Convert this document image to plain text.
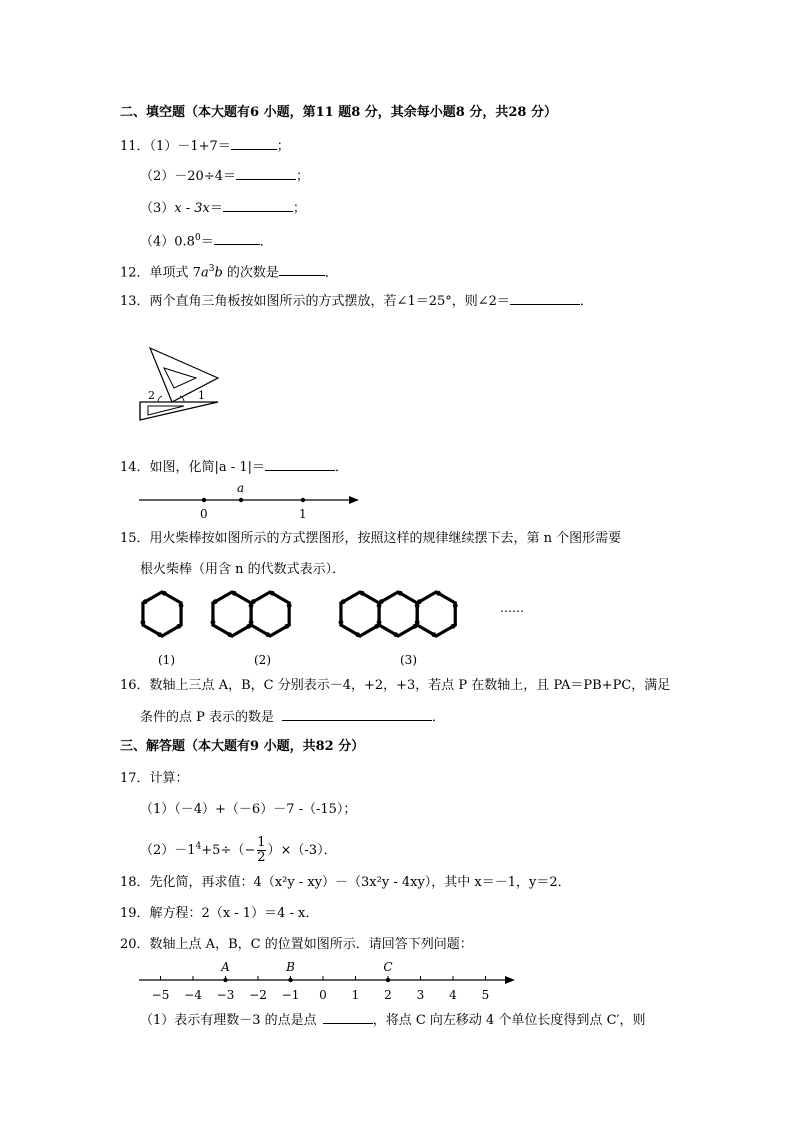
二、填空题（本大题有6 小题，第11 题8 分，其余每小题8 分，共28 分）
11．（1）－1+7＝	；
（2）－20÷4＝	；
（3）x - 3x＝	；
$(4)0.8^0=$	．
12．单项式 $7a^3b$ 的次数是	．
13．两个直角三角板按如图所示的方式摆放，若∠1＝25°，则∠2＝	．
2	1
14．如图，化简|a - 1|＝	．
a
0	1
15．用火柴棒按如图所示的方式摆图形，按照这样的规律继续摆下去，第 n 个图形需要
根火柴棒（用含 n 的代数式表示）．
(1)	(2)	(3)
……
16．数轴上三点 A，B，C 分别表示－4，+2，+3，若点 P 在数轴上，且 PA＝PB+PC，满足
条件的点 P 表示的数是	．
三、解答题（本大题有9 小题，共82 分）
17．计算：
（1）（－4）+（－6）－7 -（-15）；
$(2)-1^4+5\div(- \frac{1}{2} )\times(-3)$．
18．先化简，再求值：4（x²y - xy）－（3x²y - 4xy），其中 x＝－1，y＝2．
19．解方程：2（x - 1）＝4 - x．
20．数轴上点 A，B，C 的位置如图所示．请回答下列问题：
−5 −4 −3 −2 −1 0 1 2 3 4 5
A	B	C
（1）表示有理数－3 的点是点	，将点 C 向左移动 4 个单位长度得到点 C′，则
